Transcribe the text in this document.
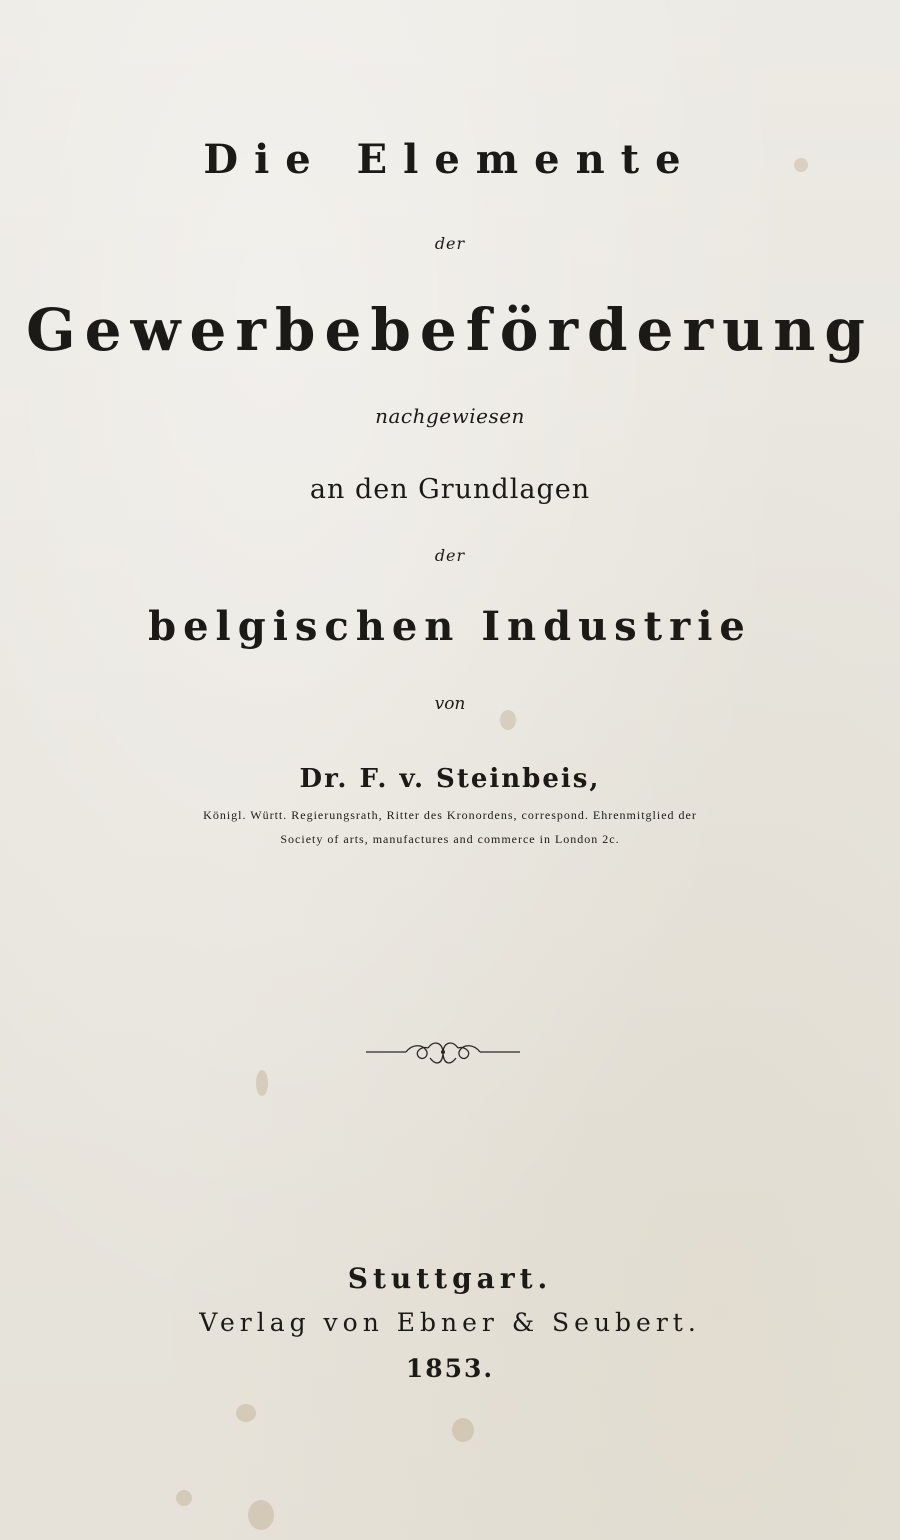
Die Elemente
der
Gewerbebeförderung
nachgewiesen
an den Grundlagen
der
belgischen Industrie
von
Dr. F. v. Steinbeis,
Königl. Württ. Regierungsrath, Ritter des Kronordens, correspond. Ehrenmitglied der
Society of arts, manufactures and commerce in London 2c.
Stuttgart.
Verlag von Ebner & Seubert.
1853.
